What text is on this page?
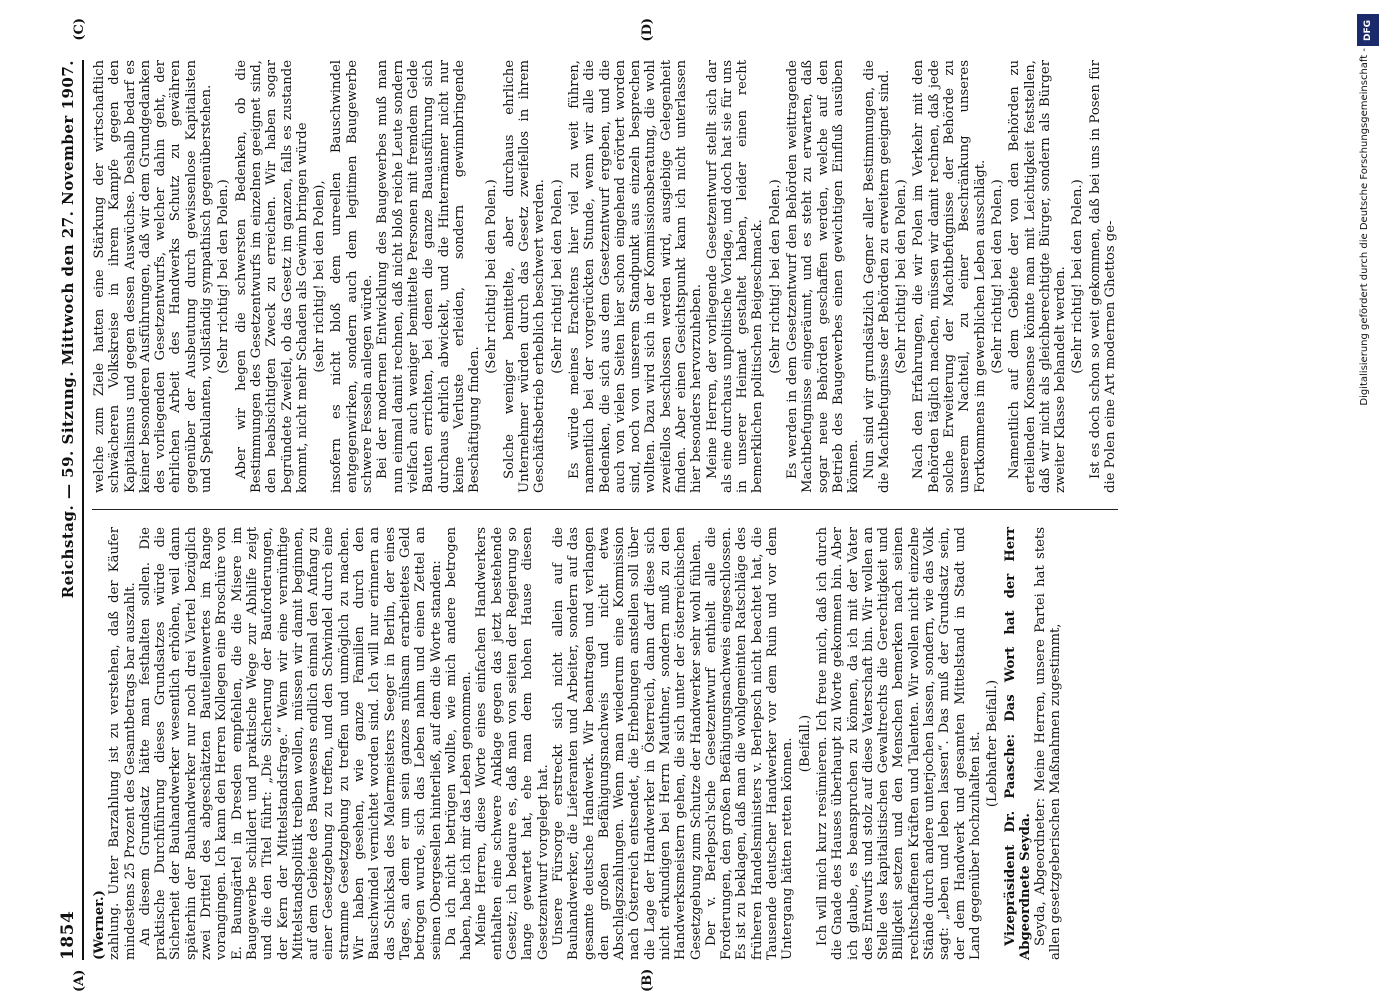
1854
Reichstag. — 59. Sitzung. Mittwoch den 27. November 1907.
(A)	(B)
(C)	(D)

(Werner.) zahlung. Unter Barzahlung ist zu verstehen, daß der Käufer mindestens 25 Prozent des Gesamtbetrags bar auszahlt. An diesem Grundsatz hätte man festhalten sollen. Die praktische Durchführung dieses Grundsatzes würde die Sicherheit der Bauhandwerker wesentlich erhöhen, weil dann späterhin der Bauhandwerker nur noch drei Viertel bezüglich zwei Drittel des abgeschätzten Bauteilenwertes im Range vorangingen. Ich kann den Herren Kollegen eine Broschüre von E. Baumgärtel in Dresden empfehlen, die die Misere im Baugewerbe schildert und praktische Wege zur Abhilfe zeigt und die den Titel führt: „Die Sicherung der Bauforderungen, der Kern der Mittelstandsfrage.“ Wenn wir eine vernünftige Mittelstandspolitik treiben wollen, müssen wir damit beginnen, auf dem Gebiete des Bauwesens endlich einmal den Anfang zu einer Gesetzgebung zu treffen, und den Schwindel durch eine stramme Gesetzgebung zu treffen und unmöglich zu machen. Wir haben gesehen, wie ganze Familien durch den Bauschwindel vernichtet worden sind. Ich will nur erinnern an das Schicksal des Malermeisters Seeger in Berlin, der eines Tages, an dem er um sein ganzes mühsam erarbeitetes Geld betrogen wurde, sich das Leben nahm und einen Zettel an seinen Obergesellen hinterließ, auf dem die Worte standen: Da ich nicht betrügen wollte, wie mich andere betrogen haben, habe ich mir das Leben genommen. Meine Herren, diese Worte eines einfachen Handwerkers enthalten eine schwere Anklage gegen das jetzt bestehende Gesetz; ich bedaure es, daß man von seiten der Regierung so lange gewartet hat, ehe man dem hohen Hause diesen Gesetzentwurf vorgelegt hat. Unsere Fürsorge erstreckt sich nicht allein auf die Bauhandwerker, die Lieferanten und Arbeiter, sondern auf das gesamte deutsche Handwerk. Wir beantragen und verlangen den großen Befähigungsnachweis und nicht etwa Abschlagszahlungen. Wenn man wiederum eine Kommission nach Österreich entsendet, die Erhebungen anstellen soll über die Lage der Handwerker in Österreich, dann darf diese sich nicht erkundigen bei Herrn Mauthner, sondern muß zu den Handwerksmeistern gehen, die sich unter der österreichischen Gesetzgebung zum Schutze der Handwerker sehr wohl fühlen. Der v. Berlepsch'sche Gesetzentwurf enthielt alle die Forderungen, den großen Befähigungsnachweis eingeschlossen. Es ist zu beklagen, daß man die wohlgemeinten Ratschläge des früheren Handelsministers v. Berlepsch nicht beachtet hat, die Tausende deutscher Handwerker vor dem Ruin und vor dem Untergang hätten retten können. (Beifall.) Ich will mich kurz resümieren. Ich freue mich, daß ich durch die Gnade des Hauses überhaupt zu Worte gekommen bin. Aber ich glaube, es beanspruchen zu können, da ich mit der Vater des Entwurfs und stolz auf diese Vaterschaft bin. Wir wollen an Stelle des kapitalistischen Gewaltrechts die Gerechtigkeit und Billigkeit setzen und den Menschen bemerken nach seinen rechtschaffenen Kräften und Talenten. Wir wollen nicht einzelne Stände durch andere unterjochen lassen, sondern, wie das Volk sagt: „leben und leben lassen“. Das muß der Grundsatz sein, der dem Handwerk und gesamten Mittelstand in Stadt und Land gegenüber hochzuhalten ist. (Lebhafter Beifall.) Vizepräsident Dr. Paasche: Das Wort hat der Herr Abgeordnete Seyda. Seyda, Abgeordneter: Meine Herren, unsere Partei hat stets allen gesetzgeberischen Maßnahmen zugestimmt,

welche zum Ziele hatten eine Stärkung der wirtschaftlich schwächeren Volkskreise in ihrem Kampfe gegen den Kapitalismus und gegen dessen Auswüchse. Deshalb bedarf es keiner besonderen Ausführungen, daß wir dem Grundgedanken des vorliegenden Gesetzentwurfs, welcher dahin geht, der ehrlichen Arbeit des Handwerks Schutz zu gewähren gegenüber der Ausbeutung durch gewissenlose Kapitalisten und Spekulanten, vollständig sympathisch gegenüberstehen. (Sehr richtig! bei den Polen.) Aber wir hegen die schwersten Bedenken, ob die Bestimmungen des Gesetzentwurfs im einzelnen geeignet sind, den beabsichtigten Zweck zu erreichen. Wir haben sogar begründete Zweifel, ob das Gesetz im ganzen, falls es zustande kommt, nicht mehr Schaden als Gewinn bringen würde (sehr richtig! bei den Polen), insofern es nicht bloß dem unreellen Bauschwindel entgegenwirken, sondern auch dem legitimen Baugewerbe schwere Fesseln anlegen würde. Bei der modernen Entwicklung des Baugewerbes muß man nun einmal damit rechnen, daß nicht bloß reiche Leute sondern vielfach auch weniger bemittelte Personen mit fremdem Gelde Bauten errichten, bei denen die ganze Bauausführung sich durchaus ehrlich abwickelt, und die Hintermänner nicht nur keine Verluste erleiden, sondern gewinnbringende Beschäftigung finden.

(Sehr richtig! bei den Polen.) Solche weniger bemittelte, aber durchaus ehrliche Unternehmer würden durch das Gesetz zweifellos in ihrem Geschäftsbetrieb erheblich beschwert werden. (Sehr richtig! bei den Polen.) Es würde meines Erachtens hier viel zu weit führen, namentlich bei der vorgerückten Stunde, wenn wir alle die Bedenken, die sich aus dem Gesetzentwurf ergeben, und die auch von vielen Seiten hier schon eingehend erörtert worden sind, noch von unserem Standpunkt aus einzeln besprechen wollten. Dazu wird sich in der Kommissionsberatung, die wohl zweifellos beschlossen werden wird, ausgiebige Gelegenheit finden. Aber einen Gesichtspunkt kann ich nicht unterlassen hier besonders hervorzuheben. Meine Herren, der vorliegende Gesetzentwurf stellt sich dar als eine durchaus unpolitische Vorlage, und doch hat sie für uns in unserer Heimat gestaltet haben, leider einen recht bemerklichen politischen Beigeschmack. (Sehr richtig! bei den Polen.) Es werden in dem Gesetzentwurf den Behörden weittragende Machtbefugnisse eingeräumt, und es steht zu erwarten, daß sogar neue Behörden geschaffen werden, welche auf den Betrieb des Baugewerbes einen gewichtigen Einfluß ausüben können. Nun sind wir grundsätzlich Gegner aller Bestimmungen, die die Machtbefugnisse der Behörden zu erweitern geeignet sind. (Sehr richtig! bei den Polen.) Nach den Erfahrungen, die wir Polen im Verkehr mit den Behörden täglich machen, müssen wir damit rechnen, daß jede solche Erweiterung der Machtbefugnisse der Behörde zu unserem Nachteil, zu einer Beschränkung unseres Fortkommens im gewerblichen Leben ausschlägt. (Sehr richtig! bei den Polen.) Namentlich auf dem Gebiete der von den Behörden zu erteilenden Konsense könnte man mit Leichtigkeit feststellen, daß wir nicht als gleichberechtigte Bürger, sondern als Bürger zweiter Klasse behandelt werden. (Sehr richtig! bei den Polen.) Ist es doch schon so weit gekommen, daß bei uns in Posen für die Polen eine Art modernen Ghettos ge-

DFG
Digitalisierung gefördert durch die Deutsche Forschungsgemeinschaft -
